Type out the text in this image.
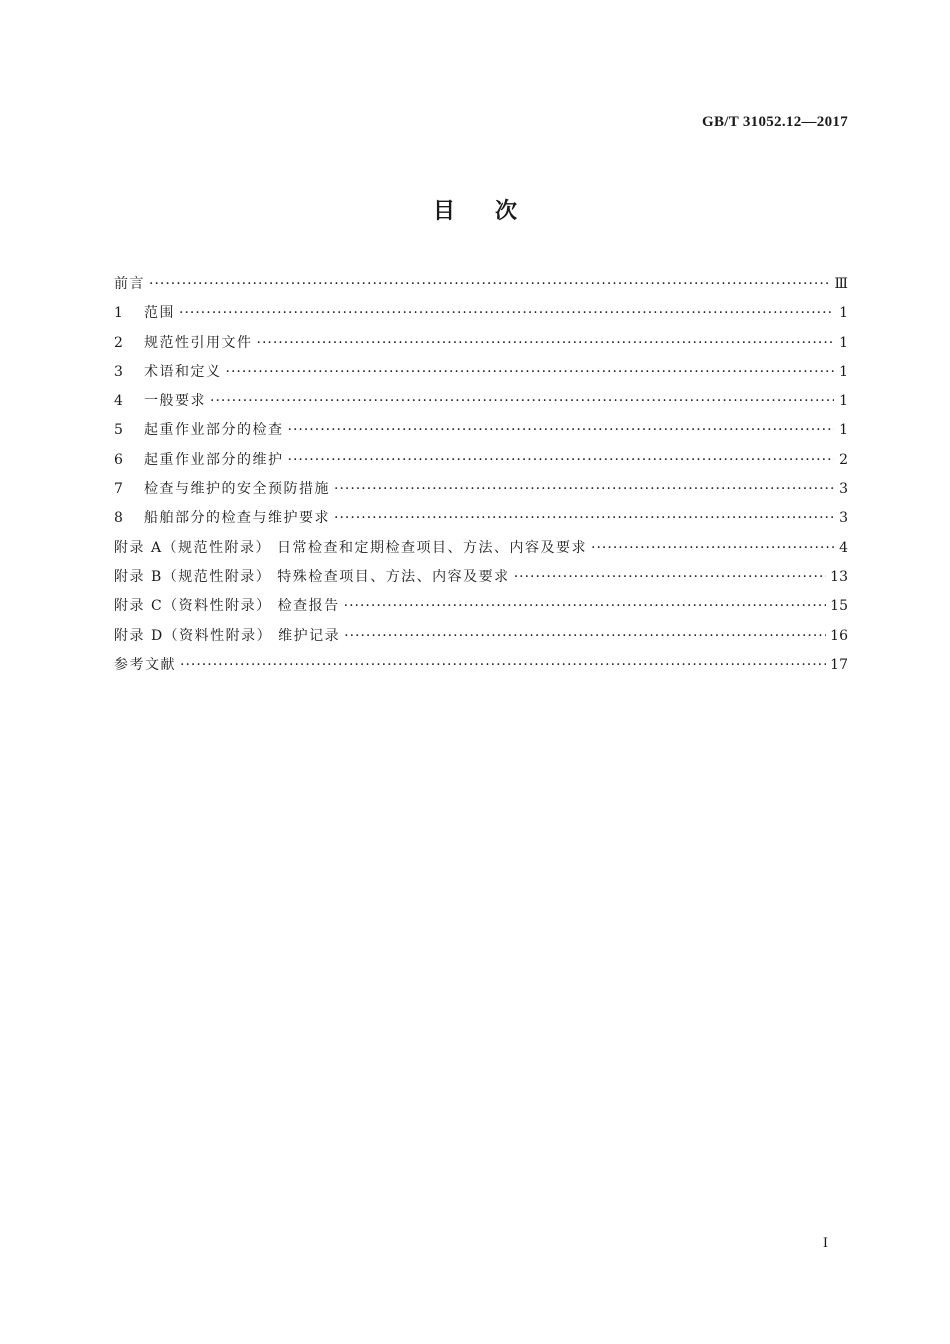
GB/T 31052.12—2017
目次
前言 ·····	Ⅲ
1	范围 ·····	1
2	规范性引用文件 ·····	1
3	术语和定义 ·····	1
4	一般要求 ·····	1
5	起重作业部分的检查 ·····	1
6	起重作业部分的维护 ·····	2
7	检查与维护的安全预防措施 ·····	3
8	船舶部分的检查与维护要求 ·····	3
附录 A（规范性附录） 日常检查和定期检查项目、方法、内容及要求 ·····	4
附录 B（规范性附录） 特殊检查项目、方法、内容及要求 ·····	13
附录 C（资料性附录） 检查报告 ·····	15
附录 D（资料性附录） 维护记录 ·····	16
参考文献 ·····	17
I
